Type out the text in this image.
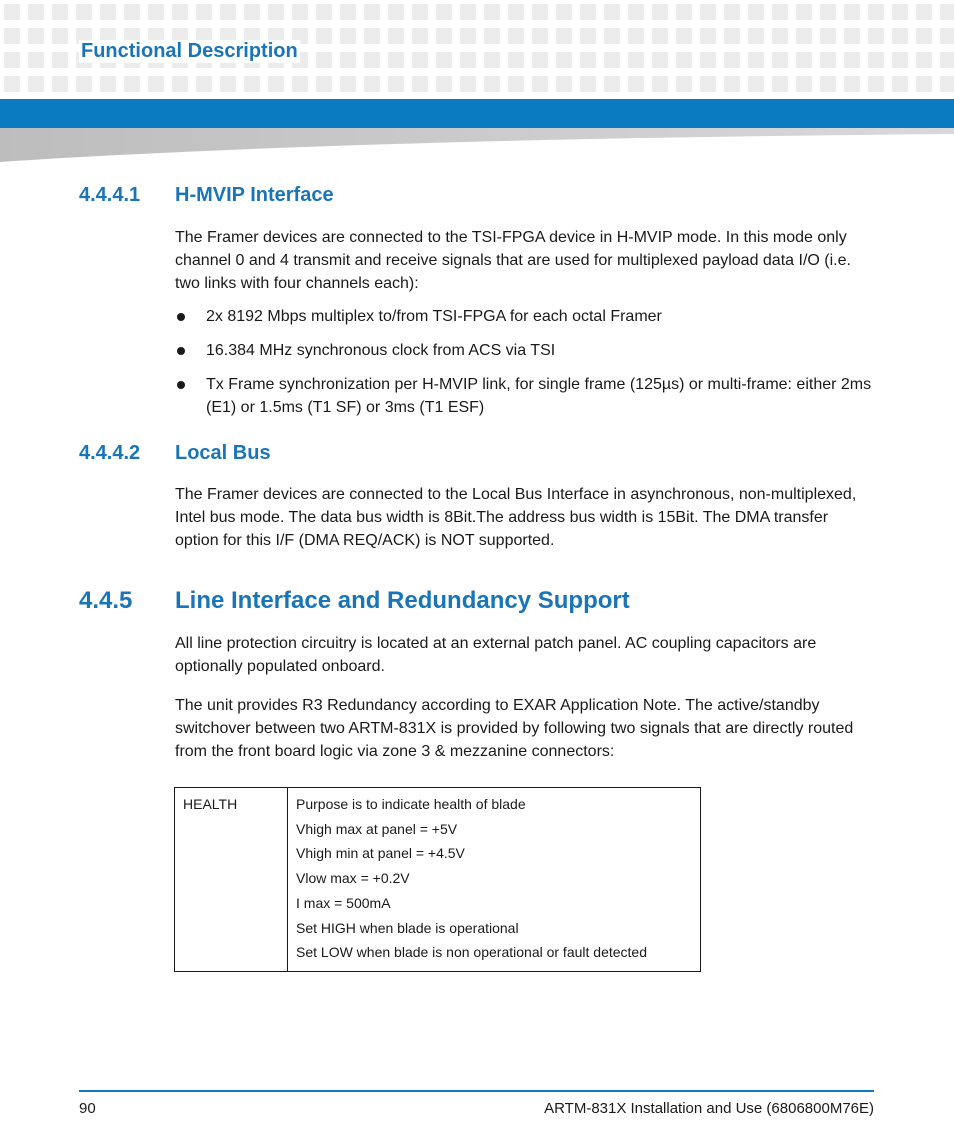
Functional Description
4.4.4.1 H-MVIP Interface

The Framer devices are connected to the TSI-FPGA device in H-MVIP mode. In this mode only channel 0 and 4 transmit and receive signals that are used for multiplexed payload data I/O (i.e. two links with four channels each):

2x 8192 Mbps multiplex to/from TSI-FPGA for each octal Framer
16.384 MHz synchronous clock from ACS via TSI
Tx Frame synchronization per H-MVIP link, for single frame (125µs) or multi-frame: either 2ms (E1) or 1.5ms (T1 SF) or 3ms (T1 ESF)
4.4.4.2 Local Bus

The Framer devices are connected to the Local Bus Interface in asynchronous, non-multiplexed, Intel bus mode. The data bus width is 8Bit.The address bus width is 15Bit. The DMA transfer option for this I/F (DMA REQ/ACK) is NOT supported.

4.4.5 Line Interface and Redundancy Support

All line protection circuitry is located at an external patch panel. AC coupling capacitors are optionally populated onboard.

The unit provides R3 Redundancy according to EXAR Application Note. The active/standby switchover between two ARTM-831X is provided by following two signals that are directly routed from the front board logic via zone 3 & mezzanine connectors:

HEALTH	Purpose is to indicate health of blade
Vhigh max at panel = +5V
Vhigh min at panel = +4.5V
Vlow max = +0.2V
I max = 500mA
Set HIGH when blade is operational
Set LOW when blade is non operational or fault detected
90	ARTM-831X Installation and Use (6806800M76E)
